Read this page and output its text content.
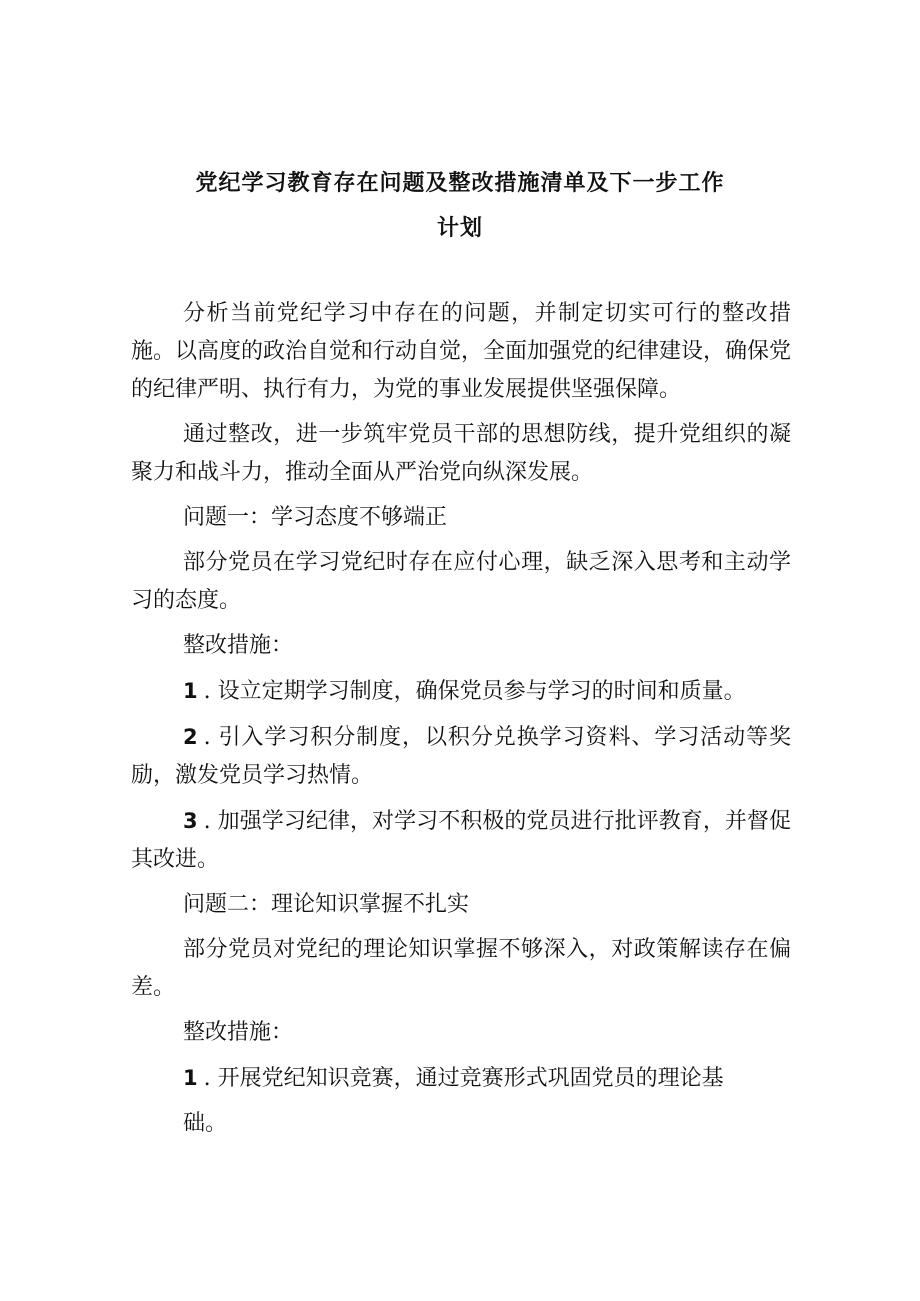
党纪学习教育存在问题及整改措施清单及下一步工作
计划

分析当前党纪学习中存在的问题，并制定切实可行的整改措施。以高度的政治自觉和行动自觉，全面加强党的纪律建设，确保党的纪律严明、执行有力，为党的事业发展提供坚强保障。

通过整改，进一步筑牢党员干部的思想防线，提升党组织的凝聚力和战斗力，推动全面从严治党向纵深发展。

问题一：学习态度不够端正

部分党员在学习党纪时存在应付心理，缺乏深入思考和主动学习的态度。

整改措施：

1 . 设立定期学习制度，确保党员参与学习的时间和质量。

2 . 引入学习积分制度，以积分兑换学习资料、学习活动等奖励，激发党员学习热情。

3 . 加强学习纪律，对学习不积极的党员进行批评教育，并督促其改进。

问题二：理论知识掌握不扎实

部分党员对党纪的理论知识掌握不够深入，对政策解读存在偏差。

整改措施：

1 . 开展党纪知识竞赛，通过竞赛形式巩固党员的理论基

础。
